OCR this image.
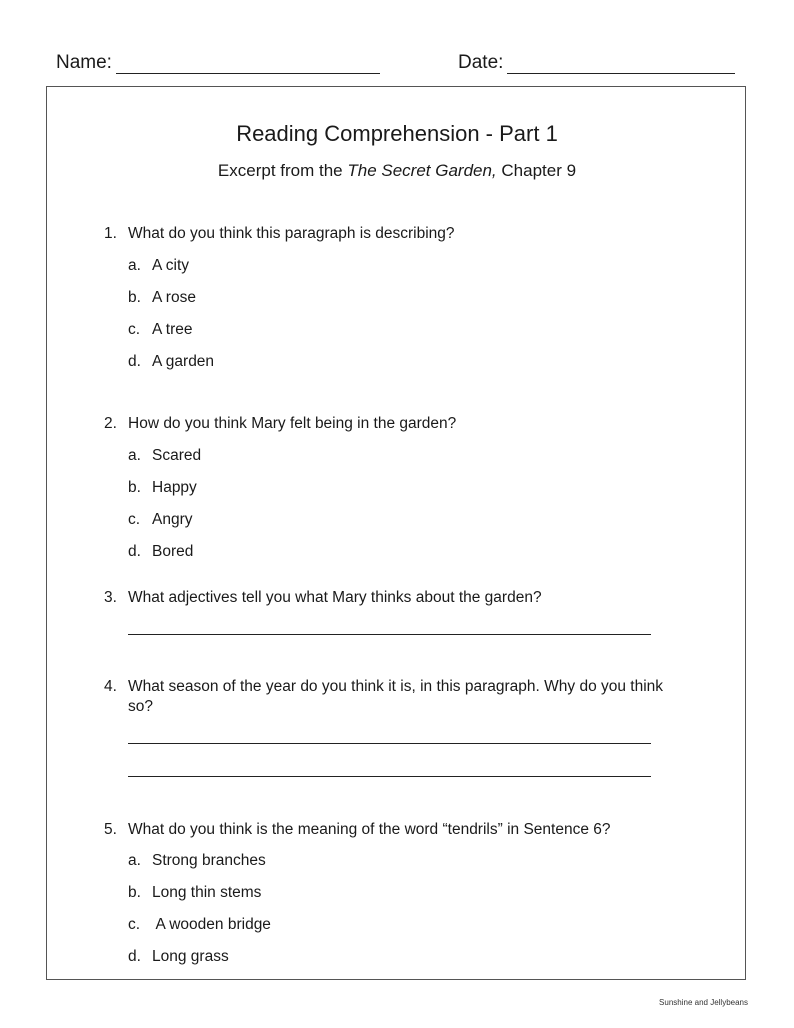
Name:	Date:
Reading Comprehension - Part 1
Excerpt from the The Secret Garden, Chapter 9
1. What do you think this paragraph is describing?
a. A city
b. A rose
c. A tree
d. A garden
2. How do you think Mary felt being in the garden?
a. Scared
b. Happy
c. Angry
d. Bored
3. What adjectives tell you what Mary thinks about the garden?
4. What season of the year do you think it is, in this paragraph. Why do you think so?
5. What do you think is the meaning of the word “tendrils” in Sentence 6?
a. Strong branches
b. Long thin stems
c. A wooden bridge
d. Long grass
Sunshine and Jellybeans
